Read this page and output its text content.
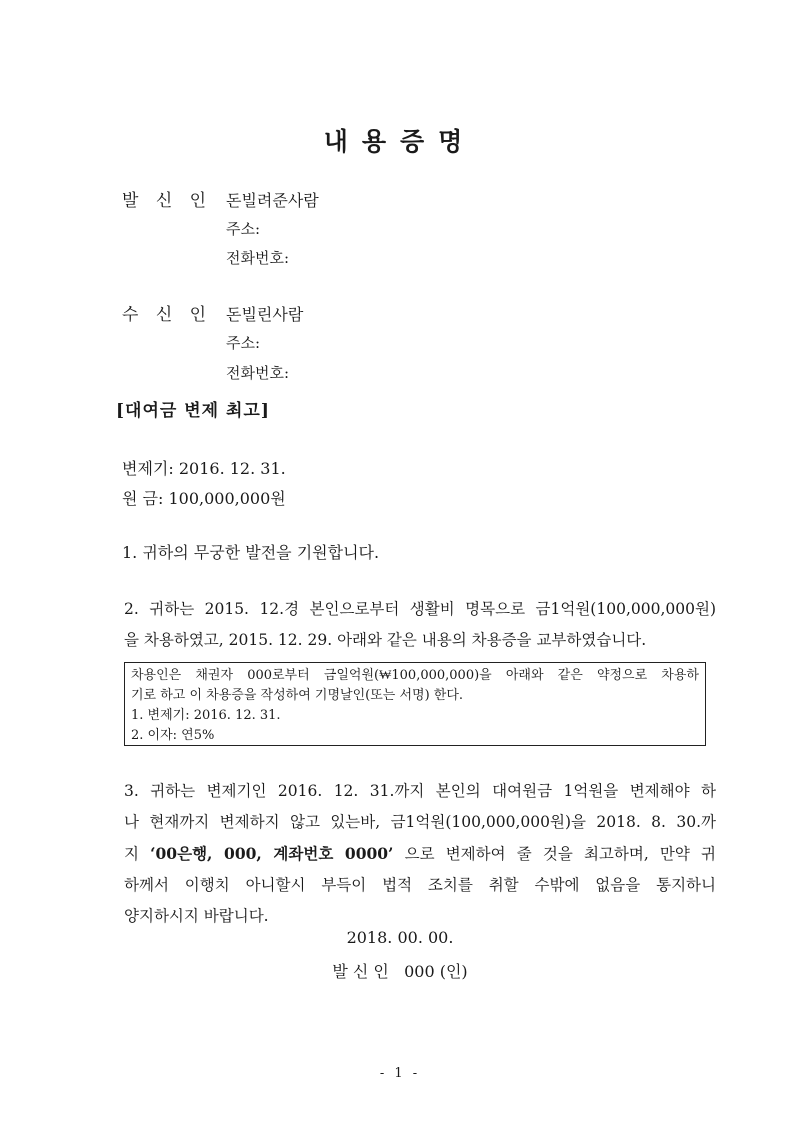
내용증명
발 신 인 돈빌려준사람
주소:
전화번호:
수 신 인 돈빌린사람
주소:
전화번호:
[대여금 변제 최고]
변제기: 2016. 12. 31.
원 금: 100,000,000원
1. 귀하의 무궁한 발전을 기원합니다.
2. 귀하는 2015. 12.경 본인으로부터 생활비 명목으로 금1억원(100,000,000원)
을 차용하였고, 2015. 12. 29. 아래와 같은 내용의 차용증을 교부하였습니다.
차용인은 채권자 000로부터 금일억원(₩100,000,000)을 아래와 같은 약정으로 차용하
기로 하고 이 차용증을 작성하여 기명날인(또는 서명) 한다.
1. 변제기: 2016. 12. 31.
2. 이자: 연5%
3. 귀하는 변제기인 2016. 12. 31.까지 본인의 대여원금 1억원을 변제해야 하
나 현재까지 변제하지 않고 있는바, 금1억원(100,000,000원)을 2018. 8. 30.까
지 ‘00은행, 000, 계좌번호 0000’ 으로 변제하여 줄 것을 최고하며, 만약 귀
하께서 이행치 아니할시 부득이 법적 조치를 취할 수밖에 없음을 통지하니
양지하시지 바랍니다.
2018. 00. 00.
발 신 인   000 (인)
- 1 -
